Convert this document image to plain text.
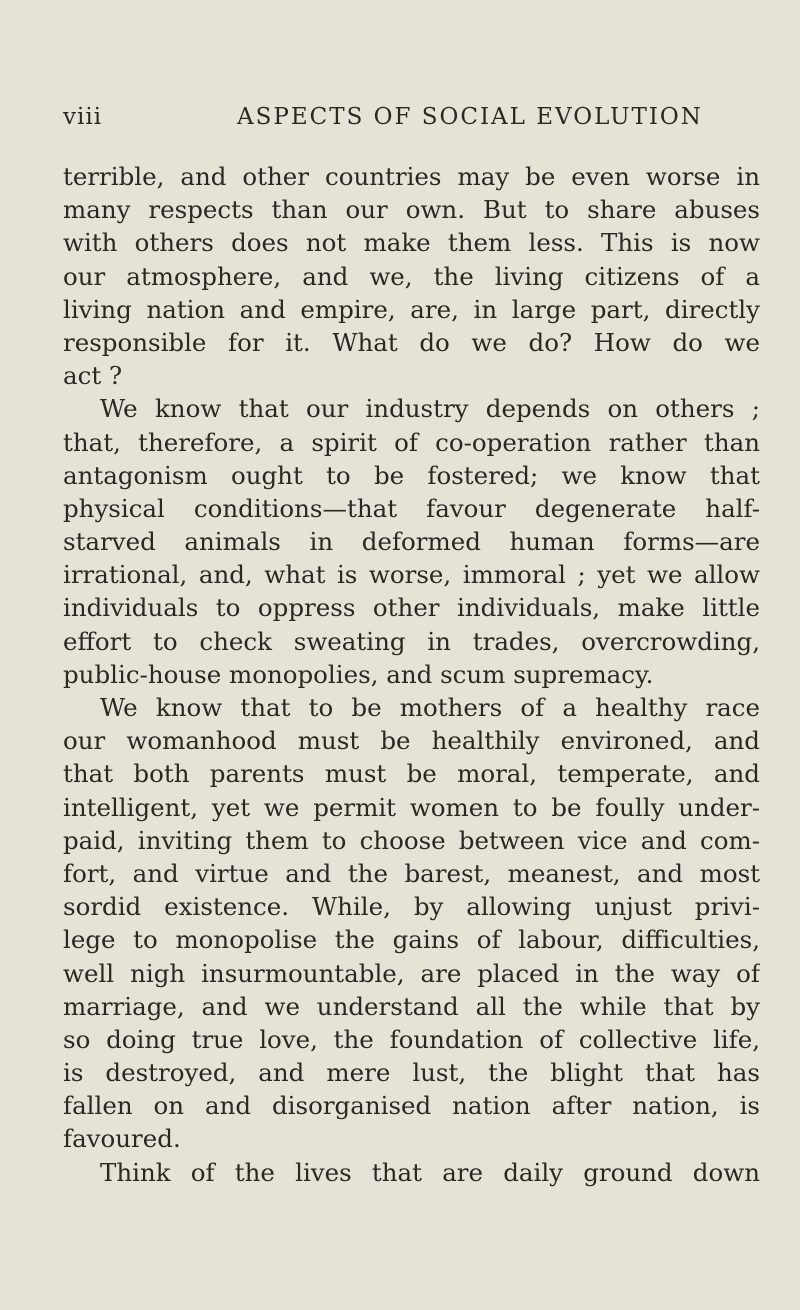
viii	ASPECTS OF SOCIAL EVOLUTION
terrible, and other countries may be even worse in
many respects than our own. But to share abuses
with others does not make them less. This is now
our atmosphere, and we, the living citizens of a
living nation and empire, are, in large part, directly
responsible for it. What do we do? How do we
act ?
We know that our industry depends on others ;
that, therefore, a spirit of co-operation rather than
antagonism ought to be fostered; we know that
physical conditions—that favour degenerate half-
starved animals in deformed human forms—are
irrational, and, what is worse, immoral ; yet we allow
individuals to oppress other individuals, make little
effort to check sweating in trades, overcrowding,
public-house monopolies, and scum supremacy.
We know that to be mothers of a healthy race
our womanhood must be healthily environed, and
that both parents must be moral, temperate, and
intelligent, yet we permit women to be foully under-
paid, inviting them to choose between vice and com-
fort, and virtue and the barest, meanest, and most
sordid existence. While, by allowing unjust privi-
lege to monopolise the gains of labour, difficulties,
well nigh insurmountable, are placed in the way of
marriage, and we understand all the while that by
so doing true love, the foundation of collective life,
is destroyed, and mere lust, the blight that has
fallen on and disorganised nation after nation, is
favoured.
Think of the lives that are daily ground down
